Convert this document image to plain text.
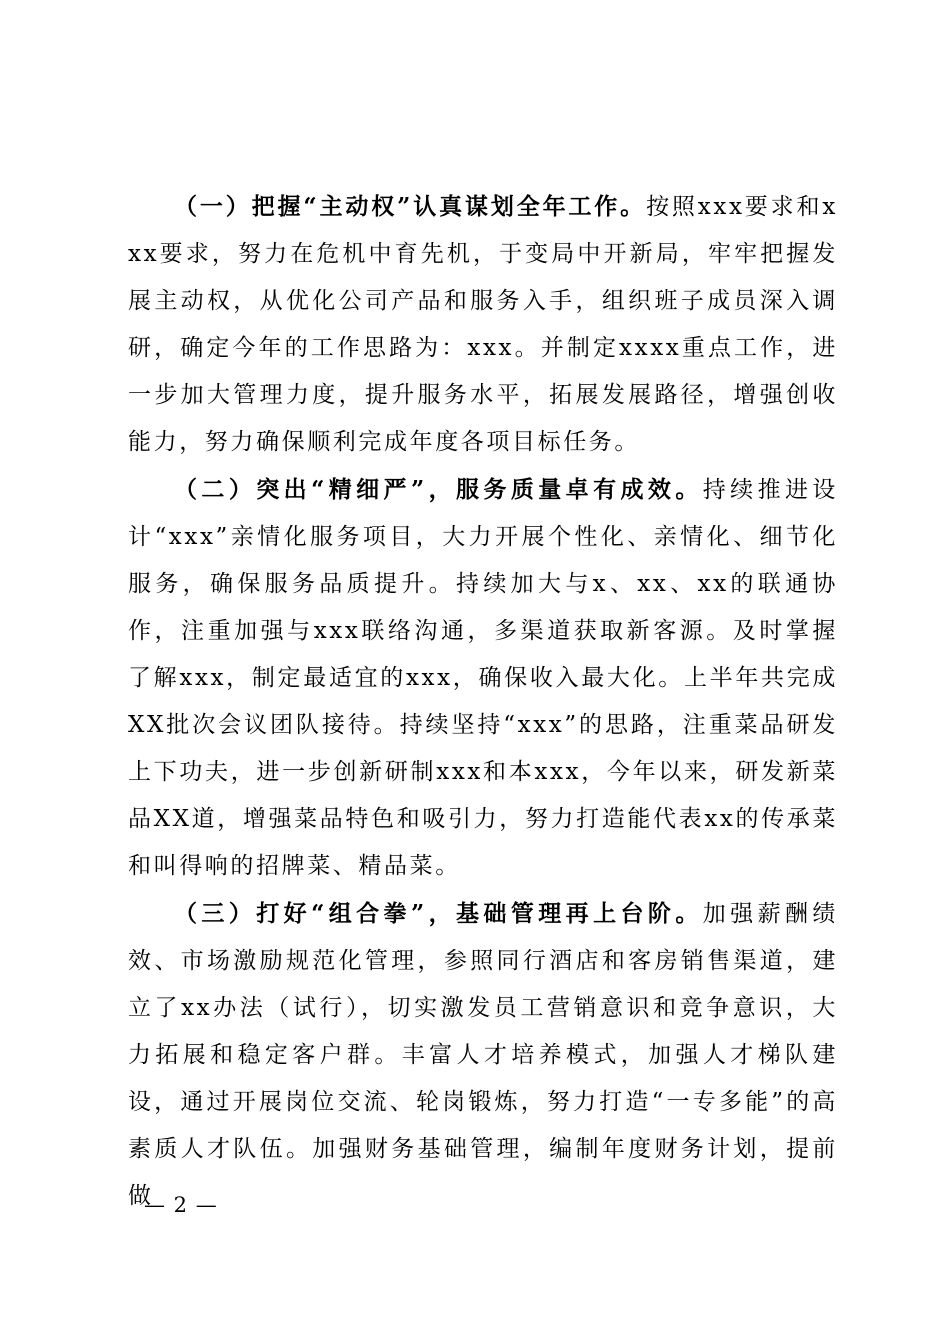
（一）把握“主动权”认真谋划全年工作。按照xxx要求和xxx要求，努力在危机中育先机，于变局中开新局，牢牢把握发展主动权，从优化公司产品和服务入手，组织班子成员深入调研，确定今年的工作思路为：xxx。并制定xxxx重点工作，进一步加大管理力度，提升服务水平，拓展发展路径，增强创收能力，努力确保顺利完成年度各项目标任务。

（二）突出“精细严”，服务质量卓有成效。持续推进设计“xxx”亲情化服务项目，大力开展个性化、亲情化、细节化服务，确保服务品质提升。持续加大与x、xx、xx的联通协作，注重加强与xxx联络沟通，多渠道获取新客源。及时掌握了解xxx，制定最适宜的xxx，确保收入最大化。上半年共完成XX批次会议团队接待。持续坚持“xxx”的思路，注重菜品研发上下功夫，进一步创新研制xxx和本xxx，今年以来，研发新菜品XX道，增强菜品特色和吸引力，努力打造能代表xx的传承菜和叫得响的招牌菜、精品菜。

（三）打好“组合拳”，基础管理再上台阶。加强薪酬绩效、市场激励规范化管理，参照同行酒店和客房销售渠道，建立了xx办法（试行），切实激发员工营销意识和竞争意识，大力拓展和稳定客户群。丰富人才培养模式，加强人才梯队建设，通过开展岗位交流、轮岗锻炼，努力打造“一专多能”的高素质人才队伍。加强财务基础管理，编制年度财务计划，提前做

— 2 —
